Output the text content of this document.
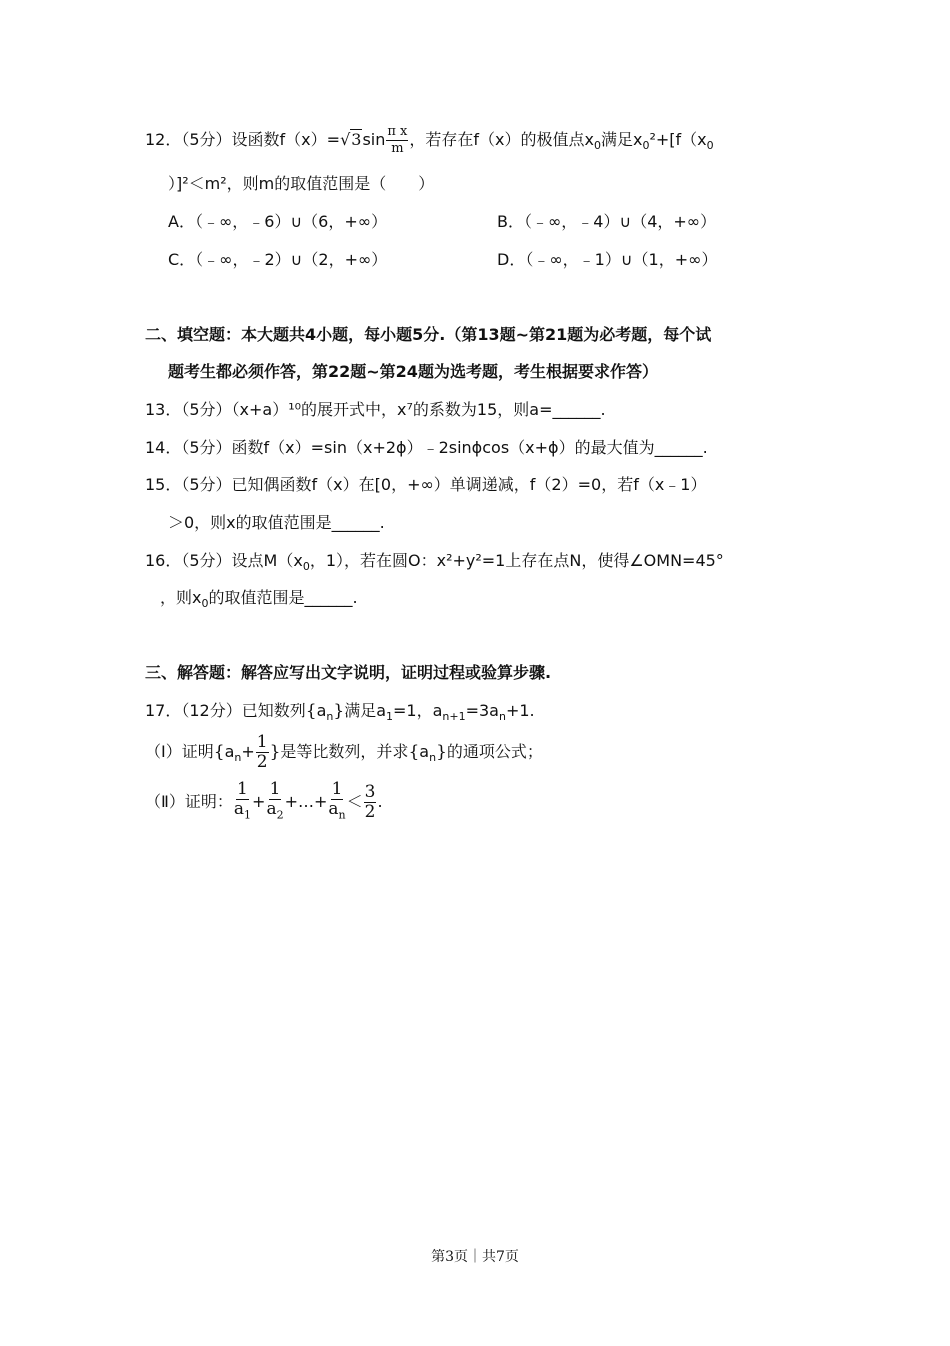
12．（5分）设函数$f(x)=√3\sin \frac{\text{π x}}{m}$ ，若存在f（x）的极值点$x_0$满足$x_0^2+[f(x_0$
）]²＜m²，则m的取值范围是（　　）
A．（﹣∞，﹣6）∪（6，+∞）	B．（﹣∞，﹣4）∪（4，+∞）
C．（﹣∞，﹣2）∪（2，+∞）	D．（﹣∞，﹣1）∪（1，+∞）
二、填空题：本大题共4小题，每小题5分.（第13题~第21题为必考题，每个试
题考生都必须作答，第22题~第24题为选考题，考生根据要求作答）
13．（5分）（x+a）¹⁰的展开式中，x⁷的系数为15，则a=______.
14．（5分）函数f（x）=sin（x+2ϕ）﹣2sinϕcos（x+ϕ）的最大值为______.
15．（5分）已知偶函数f（x）在[0，+∞）单调递减，f（2）=0，若f（x﹣1）
＞0，则x的取值范围是______.
16．（5分）设点$M(x_0$，1），若在圆O：x²+y²=1上存在点N，使得∠OMN=45°
，则$x_0$的取值范围是______.
三、解答题：解答应写出文字说明，证明过程或验算步骤.
17．（12分）已知数列$\{a_n\}$满足$a_1=1$，$a_{n+1}=3a_n+1$.
（Ⅰ）证明{$a_n+ \frac{1}{2}$ }是等比数列，并求$\{a_n\}$的通项公式；
（Ⅱ）证明： $\frac{1}{a_1} + \frac{1}{a_2}$ +…+ $\frac{1}{a_n} < \frac{3}{2}$ .
第3页｜共7页
